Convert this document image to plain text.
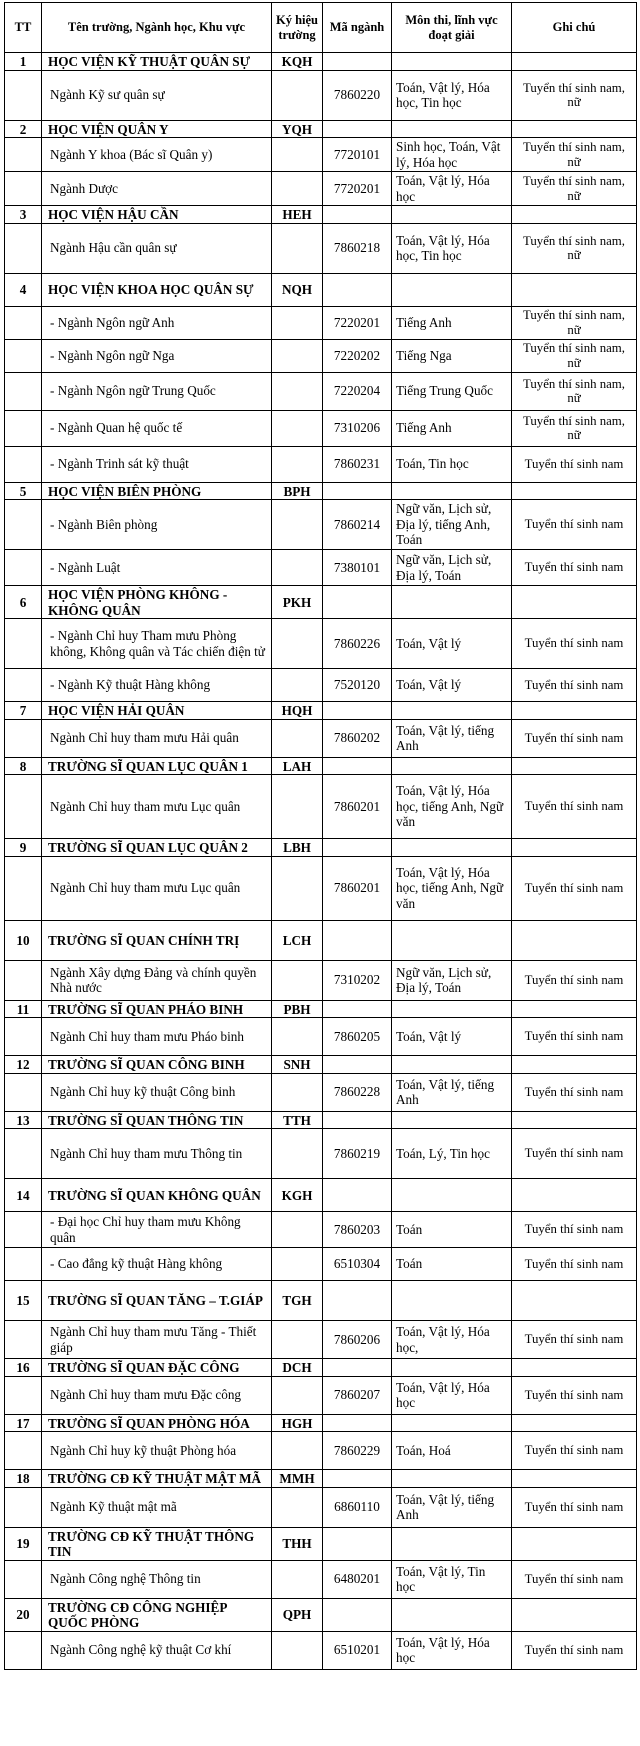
TT	Tên trường, Ngành học, Khu vực	Ký hiệu trường	Mã ngành	Môn thi, lĩnh vực đoạt giải	Ghi chú
1	HỌC VIỆN KỸ THUẬT QUÂN SỰ	KQH			
	Ngành Kỹ sư quân sự		7860220	Toán, Vật lý, Hóa học, Tin học	Tuyển thí sinh nam, nữ
2	HỌC VIỆN QUÂN Y	YQH			
	Ngành Y khoa (Bác sĩ Quân y)		7720101	Sinh học, Toán, Vật lý, Hóa học	Tuyển thí sinh nam, nữ
	Ngành Dược		7720201	Toán, Vật lý, Hóa học	Tuyển thí sinh nam, nữ
3	HỌC VIỆN HẬU CẦN	HEH			
	Ngành Hậu cần quân sự		7860218	Toán, Vật lý, Hóa học, Tin học	Tuyển thí sinh nam, nữ
4	HỌC VIỆN KHOA HỌC QUÂN SỰ	NQH			
	- Ngành Ngôn ngữ Anh		7220201	Tiếng Anh	Tuyển thí sinh nam, nữ
	- Ngành Ngôn ngữ Nga		7220202	Tiếng Nga	Tuyển thí sinh nam, nữ
	- Ngành Ngôn ngữ Trung Quốc		7220204	Tiếng Trung Quốc	Tuyển thí sinh nam, nữ
	- Ngành Quan hệ quốc tế		7310206	Tiếng Anh	Tuyển thí sinh nam, nữ
	- Ngành Trinh sát kỹ thuật		7860231	Toán, Tin học	Tuyển thí sinh nam
5	HỌC VIỆN BIÊN PHÒNG	BPH			
	- Ngành Biên phòng		7860214	Ngữ văn, Lịch sử, Địa lý, tiếng Anh, Toán	Tuyển thí sinh nam
	- Ngành Luật		7380101	Ngữ văn, Lịch sử, Địa lý, Toán	Tuyển thí sinh nam
6	HỌC VIỆN PHÒNG KHÔNG - KHÔNG QUÂN	PKH			
	- Ngành Chỉ huy Tham mưu Phòng không, Không quân và Tác chiến điện tử		7860226	Toán, Vật lý	Tuyển thí sinh nam
	- Ngành Kỹ thuật Hàng không		7520120	Toán, Vật lý	Tuyển thí sinh nam
7	HỌC VIỆN HẢI QUÂN	HQH			
	Ngành Chỉ huy tham mưu Hải quân		7860202	Toán, Vật lý, tiếng Anh	Tuyển thí sinh nam
8	TRƯỜNG SĨ QUAN LỤC QUÂN 1	LAH			
	Ngành Chỉ huy tham mưu Lục quân		7860201	Toán, Vật lý, Hóa học, tiếng Anh, Ngữ văn	Tuyển thí sinh nam
9	TRƯỜNG SĨ QUAN LỤC QUÂN 2	LBH			
	Ngành Chỉ huy tham mưu Lục quân		7860201	Toán, Vật lý, Hóa học, tiếng Anh, Ngữ văn	Tuyển thí sinh nam
10	TRƯỜNG SĨ QUAN CHÍNH TRỊ	LCH			
	Ngành Xây dựng Đảng và chính quyền Nhà nước		7310202	Ngữ văn, Lịch sử, Địa lý, Toán	Tuyển thí sinh nam
11	TRƯỜNG SĨ QUAN PHÁO BINH	PBH			
	Ngành Chỉ huy tham mưu Pháo binh		7860205	Toán, Vật lý	Tuyển thí sinh nam
12	TRƯỜNG SĨ QUAN CÔNG BINH	SNH			
	Ngành Chỉ huy kỹ thuật Công binh		7860228	Toán, Vật lý, tiếng Anh	Tuyển thí sinh nam
13	TRƯỜNG SĨ QUAN THÔNG TIN	TTH			
	Ngành Chỉ huy tham mưu Thông tin		7860219	Toán, Lý, Tin học	Tuyển thí sinh nam
14	TRƯỜNG SĨ QUAN KHÔNG QUÂN	KGH			
	- Đại học Chỉ huy tham mưu Không quân		7860203	Toán	Tuyển thí sinh nam
	- Cao đẳng kỹ thuật Hàng không		6510304	Toán	Tuyển thí sinh nam
15	TRƯỜNG SĨ QUAN TĂNG – T.GIÁP	TGH			
	Ngành Chỉ huy tham mưu Tăng - Thiết giáp		7860206	Toán, Vật lý, Hóa học,	Tuyển thí sinh nam
16	TRƯỜNG SĨ QUAN ĐẶC CÔNG	DCH			
	Ngành Chỉ huy tham mưu Đặc công		7860207	Toán, Vật lý, Hóa học	Tuyển thí sinh nam
17	TRƯỜNG SĨ QUAN PHÒNG HÓA	HGH			
	Ngành Chỉ huy kỹ thuật Phòng hóa		7860229	Toán, Hoá	Tuyển thí sinh nam
18	TRƯỜNG CĐ KỸ THUẬT MẬT MÃ	MMH			
	Ngành Kỹ thuật mật mã		6860110	Toán, Vật lý, tiếng Anh	Tuyển thí sinh nam
19	TRƯỜNG CĐ KỸ THUẬT THÔNG TIN	THH			
	Ngành Công nghệ Thông tin		6480201	Toán, Vật lý, Tin học	Tuyển thí sinh nam
20	TRƯỜNG CĐ CÔNG NGHIỆP QUỐC PHÒNG	QPH			
	Ngành Công nghệ kỹ thuật Cơ khí		6510201	Toán, Vật lý, Hóa học	Tuyển thí sinh nam
